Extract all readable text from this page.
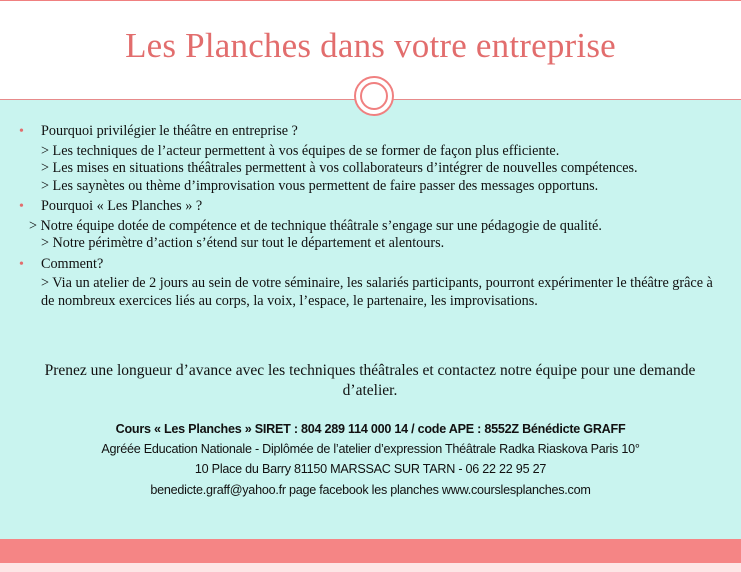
Les Planches dans votre entreprise
• Pourquoi privilégier le théâtre en entreprise ?
> Les techniques de l’acteur permettent à vos équipes de se former de façon plus efficiente.
> Les mises en situations théâtrales permettent à vos collaborateurs d’intégrer de nouvelles compétences.
> Les saynètes ou thème d’improvisation vous permettent de faire passer des messages opportuns.
• Pourquoi « Les Planches » ?
> Notre équipe dotée de compétence et de technique théâtrale s’engage sur une pédagogie de qualité.
> Notre périmètre d’action s’étend sur tout le département et alentours.
• Comment?
> Via un atelier de 2 jours au sein de votre séminaire, les salariés participants, pourront expérimenter le théâtre grâce à de nombreux exercices liés au corps, la voix, l’espace, le partenaire, les improvisations.
Prenez une longueur d’avance avec les techniques théâtrales et contactez notre équipe pour une demande d’atelier.
Cours « Les Planches » SIRET : 804 289 114 000 14 / code APE : 8552Z Bénédicte GRAFF
Agréée Education Nationale - Diplômée de l’atelier d’expression Théâtrale Radka Riaskova Paris 10°
10 Place du Barry 81150 MARSSAC SUR TARN - 06 22 22 95 27
benedicte.graff@yahoo.fr page facebook les planches www.courslesplanches.com
